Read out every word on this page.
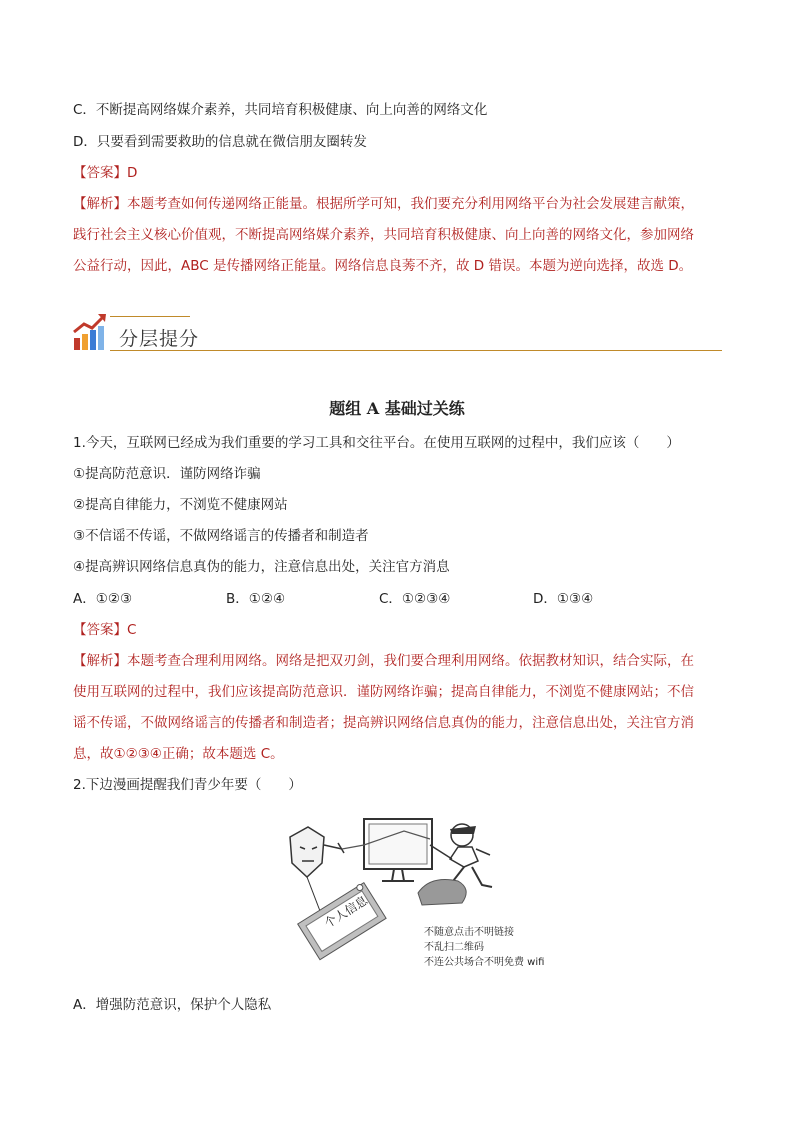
C．不断提高网络媒介素养，共同培育积极健康、向上向善的网络文化
D．只要看到需要救助的信息就在微信朋友圈转发
【答案】D
【解析】本题考查如何传递网络正能量。根据所学可知，我们要充分利用网络平台为社会发展建言献策，
践行社会主义核心价值观，不断提高网络媒介素养，共同培育积极健康、向上向善的网络文化，参加网络
公益行动，因此，ABC 是传播网络正能量。网络信息良莠不齐，故 D 错误。本题为逆向选择，故选 D。
分层提分
题组 A 基础过关练
1.今天，互联网已经成为我们重要的学习工具和交往平台。在使用互联网的过程中，我们应该（　　）
①提高防范意识．谨防网络诈骗
②提高自律能力，不浏览不健康网站
③不信谣不传谣，不做网络谣言的传播者和制造者
④提高辨识网络信息真伪的能力，注意信息出处，关注官方消息
A．①②③	B．①②④	C．①②③④	D．①③④
【答案】C
【解析】本题考查合理利用网络。网络是把双刃剑，我们要合理利用网络。依据教材知识，结合实际，在
使用互联网的过程中，我们应该提高防范意识．谨防网络诈骗；提高自律能力，不浏览不健康网站；不信
谣不传谣，不做网络谣言的传播者和制造者；提高辨识网络信息真伪的能力，注意信息出处，关注官方消
息，故①②③④正确；故本题选 C。
2.下边漫画提醒我们青少年要（　　）
个人信息
不随意点击不明链接
不乱扫二维码
不连公共场合不明免费 wifi
A．增强防范意识，保护个人隐私
